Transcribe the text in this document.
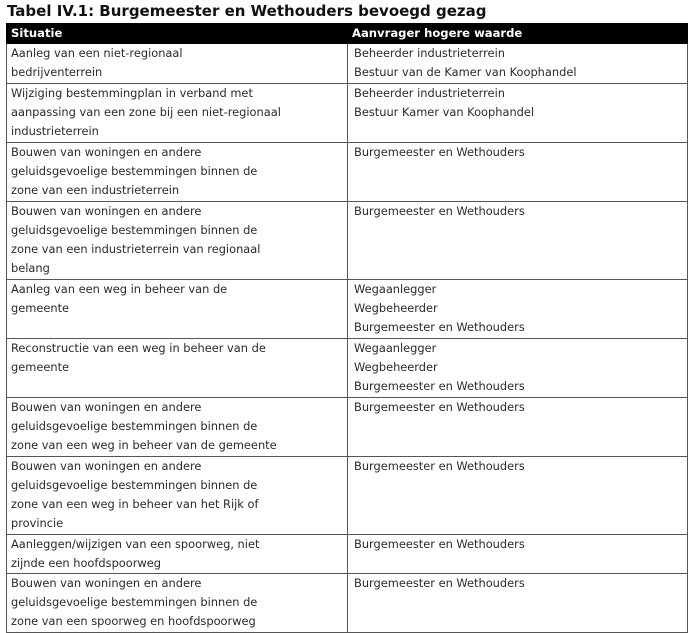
Tabel IV.1: Burgemeester en Wethouders bevoegd gezag
Situatie	Aanvrager hogere waarde

Aanleg van een niet-regionaal
bedrijventerrein	Beheerder industrieterrein
Bestuur van de Kamer van Koophandel

Wijziging bestemmingplan in verband met
aanpassing van een zone bij een niet-regionaal
industrieterrein	Beheerder industrieterrein
Bestuur Kamer van Koophandel

Bouwen van woningen en andere
geluidsgevoelige bestemmingen binnen de
zone van een industrieterrein	Burgemeester en Wethouders

Bouwen van woningen en andere
geluidsgevoelige bestemmingen binnen de
zone van een industrieterrein van regionaal
belang	Burgemeester en Wethouders

Aanleg van een weg in beheer van de
gemeente	Wegaanlegger
Wegbeheerder
Burgemeester en Wethouders

Reconstructie van een weg in beheer van de
gemeente	Wegaanlegger
Wegbeheerder
Burgemeester en Wethouders

Bouwen van woningen en andere
geluidsgevoelige bestemmingen binnen de
zone van een weg in beheer van de gemeente	Burgemeester en Wethouders

Bouwen van woningen en andere
geluidsgevoelige bestemmingen binnen de
zone van een weg in beheer van het Rijk of
provincie	Burgemeester en Wethouders

Aanleggen/wijzigen van een spoorweg, niet
zijnde een hoofdspoorweg	Burgemeester en Wethouders

Bouwen van woningen en andere
geluidsgevoelige bestemmingen binnen de
zone van een spoorweg en hoofdspoorweg	Burgemeester en Wethouders
